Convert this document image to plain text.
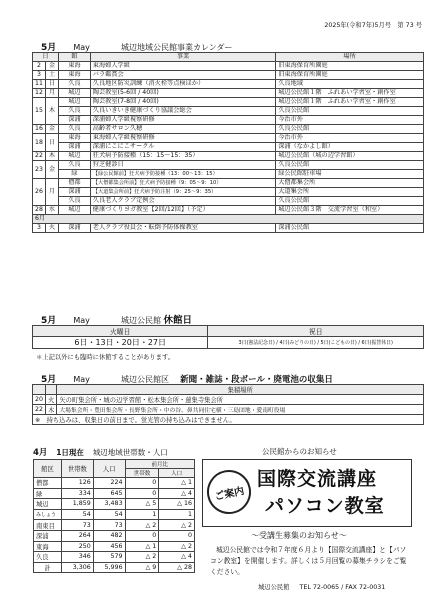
2025年(令和7年)5月号　第 73 号
5月 May	城辺地域公民館事業カレンダー
日		館	事業	場所
2	金	東海	東海婦人学級	旧東海保育所園庭
3	土	東海	バラ鑑賞会	旧東海保育所園庭
11	日	久良	久良地区防災訓練（消火栓等点検ほか）	久良地域
12	月	城辺	陶芸教室(5-6回 / 40回)	城辺公民館１階　ふれあい学習室・創作室
15	木	城辺	陶芸教室(7-8回 / 40回)	城辺公民館１階　ふれあい学習室・創作室
		久良	久良いきいき健康づくり協議会総会	久良公民館
		深浦	深浦婦人学級視察研修	今治市外
16	金	久良	高齢者サロン久穂	久良公民館
18	日	東海	東海婦人学級視察研修	今治市外
		深浦	深浦にこにこサークル	深浦（なかよし館）
22	木	城辺	狂犬病予防接種（15：15～15：35）	城辺公民館（城の辺学習館）
23	金	久良	狩芝健診日	久良公民館
		緑	【緑公民館前】狂犬病予防接種（13：00～13：15）	緑公民館駐車場
26	月	僧都	【大僧都集会所前】狂犬病予防接種（9：05～9：10）	大僧都集会所
		深浦	【大道集会所前】狂犬病予防注射（9：25～9：35）	大道集会所
		久良	久良老人クラブ定例会	久良公民館
28	水	城辺	健康づくりヨガ教室【2回/12回】（予定）	城辺公民館３階　交流学習室（和室）
6月				
3	火	深浦	老人クラブ役員会・転倒予防体操教室	深浦公民館
5月 May	城辺公民館 休館日
火曜日	祝日
6日・13日・20日・27日	3日(憲法記念日) / 4日(みどりの日) / 5日(こどもの日) / 6日(振替休日)
＊上記以外にも臨時に休館することがあります。
5月 May	城辺公民館区 新聞・雑誌・段ボール・廃電池の収集日
		集積場所
20	火	矢の町集会所・城の辺学習館・松本集会所・蓮集寺集会所
22	木	大場集会所・豊田集会所・長野集会所・中の谷、鼻共同住宅横・三島団地・愛南町役場
※　持ち込みは、収集日の前日まで。蛍光管の持ち込みはできません。		
4月 1日現在 城辺地域世帯数・人口
館区	世帯数	人口	前月比	
			世帯数	人口
僧都	126	224	0	△ 1
緑	334	645	0	△ 4
城辺	1,859	3,483	△ 5	△ 16
みしょう	54	54	1	1
南東目	73	73	△ 2	△ 2
深浦	264	482	0	0
東海	250	456	△ 1	△ 2
久良	346	579	△ 2	△ 4
計	3,306	5,996	△ 9	△ 28
公民館からのお知らせ
ご案内
国際交流講座
パソコン教室
～受講生募集のお知らせ～
城辺公民館では令和７年度６月より【国際交流講座】と【パソコン教室】を開催します。詳しくは５月回覧の募集チラシをご覧ください。
城辺公民館 TEL 72-0065 / FAX 72-0031
